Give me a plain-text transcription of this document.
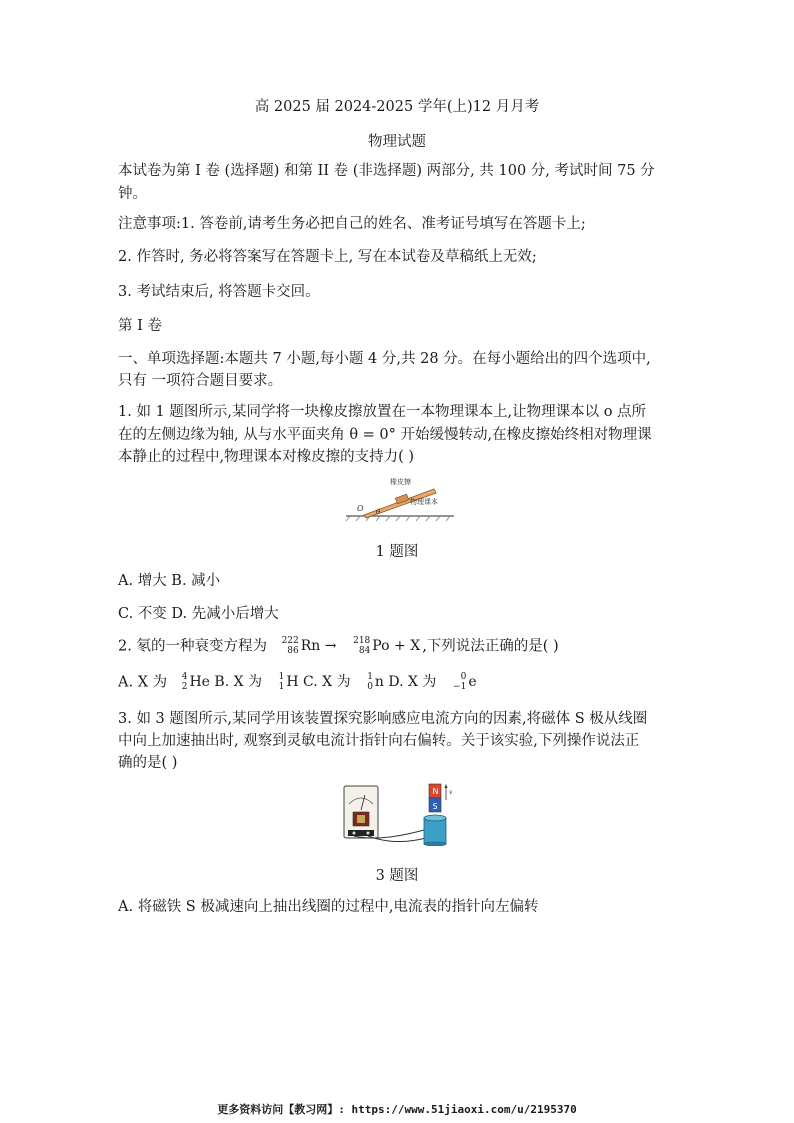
高 2025 届 2024-2025 学年(上)12 月月考
物理试题
本试卷为第 I 卷 (选择题) 和第 II 卷 (非选择题) 两部分, 共 100 分, 考试时间 75 分
钟。
注意事项:1. 答卷前,请考生务必把自己的姓名、准考证号填写在答题卡上;
2. 作答时, 务必将答案写在答题卡上, 写在本试卷及草稿纸上无效;
3. 考试结束后, 将答题卡交回。
第 I 卷
一、单项选择题:本题共 7 小题,每小题 4 分,共 28 分。在每小题给出的四个选项中,
只有 一项符合题目要求。
1. 如 1 题图所示,某同学将一块橡皮擦放置在一本物理课本上,让物理课本以 o 点所
在的左侧边缘为轴, 从与水平面夹角 θ = 0° 开始缓慢转动,在橡皮擦始终相对物理课
本静止的过程中,物理课本对橡皮擦的支持力( )
橡皮擦
物理课本
O θ
1 题图
A. 增大 B. 减小
C. 不变 D. 先减小后增大
2. 氡的一种衰变方程为 222
86 Rn → 218
84 Po + X ,下列说法正确的是( )
A. X 为 4
2 He B. X 为 1
1 H C. X 为 1
0 n D. X 为	0
−1 e
3. 如 3 题图所示,某同学用该装置探究影响感应电流方向的因素,将磁体 S 极从线圈
中向上加速抽出时, 观察到灵敏电流计指针向右偏转。关于该实验,下列操作说法正
确的是( )
N
S
v
3 题图
A. 将磁铁 S 极减速向上抽出线圈的过程中,电流表的指针向左偏转
更多资料访问【教习网】: https://www.51jiaoxi.com/u/2195370
